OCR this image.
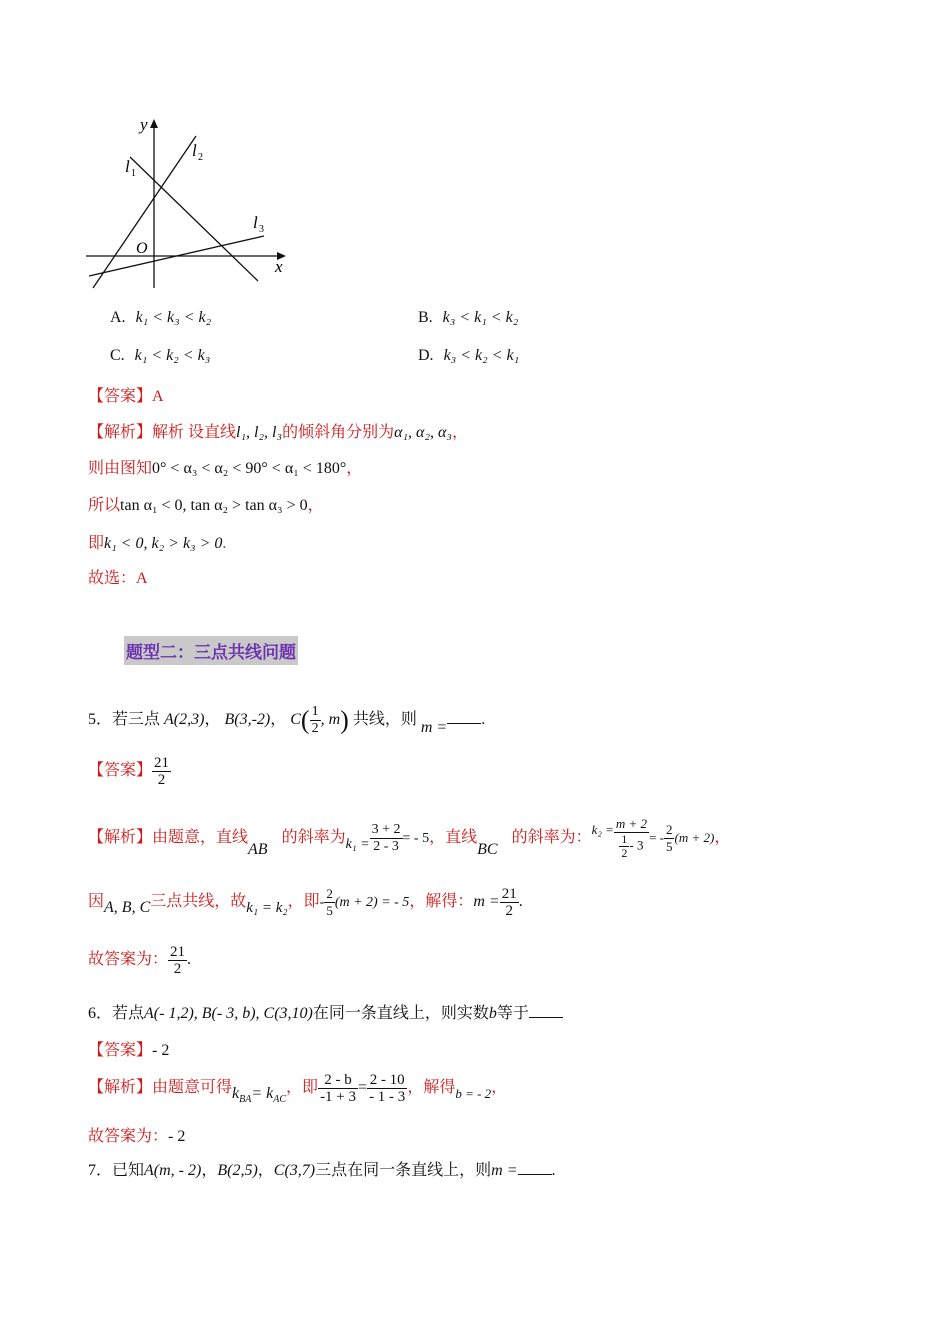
y
x
O
l 1
l 2
l 3
A. k₁ < k₃ < k₂	B. k₃ < k₁ < k₂
C. k₁ < k₂ < k₃	D. k₃ < k₂ < k₁
【答案】A
【解析】解析 设直线l₁, l₂, l₃的倾斜角分别为α₁, α₂, α₃，
则由图知0° < α₃ < α₂ < 90° < α₁ < 180°，
所以tan α₁ < 0, tan α₂ > tan α₃ > 0，
即k₁ < 0, k₂ > k₃ > 0.
故选：A
题型二：三点共线问题
5．若三点 A(2,3)， B(3,-2)， $C( \frac{1}{2}$ , m) 共线，则 m = .
【答案】 $\frac{21}{2}$
【解析】由题意，直线AB的斜率为$k_1 = \frac{3 + 2}{2 - 3}$ = - 5，直线BC的斜率为：$^{k_2 =} \frac{m + 2}{\frac{1}{2} - 3}$ = - $\frac{2}{5} (m + 2)$，
因A, B, C三点共线，故k₁ = k₂，即- $\frac{2}{5} (m + 2)$ = - 5，解得：$m = \frac{21}{2}$ .
故答案为： $\frac{21}{2}$ .
6．若点A(- 1,2), B(- 3, b), C(3,10)在同一条直线上，则实数b等于
【答案】- 2
【解析】由题意可得$k_{BA}= k_{AC}$，即 $\frac{2 - b}{-1 + 3} = \frac{2 - 10}{- 1 - 3}$ ，解得$_{b = - 2}$，
故答案为：- 2
7．已知A(m, - 2)，B(2,5)，C(3,7)三点在同一条直线上，则m = .
